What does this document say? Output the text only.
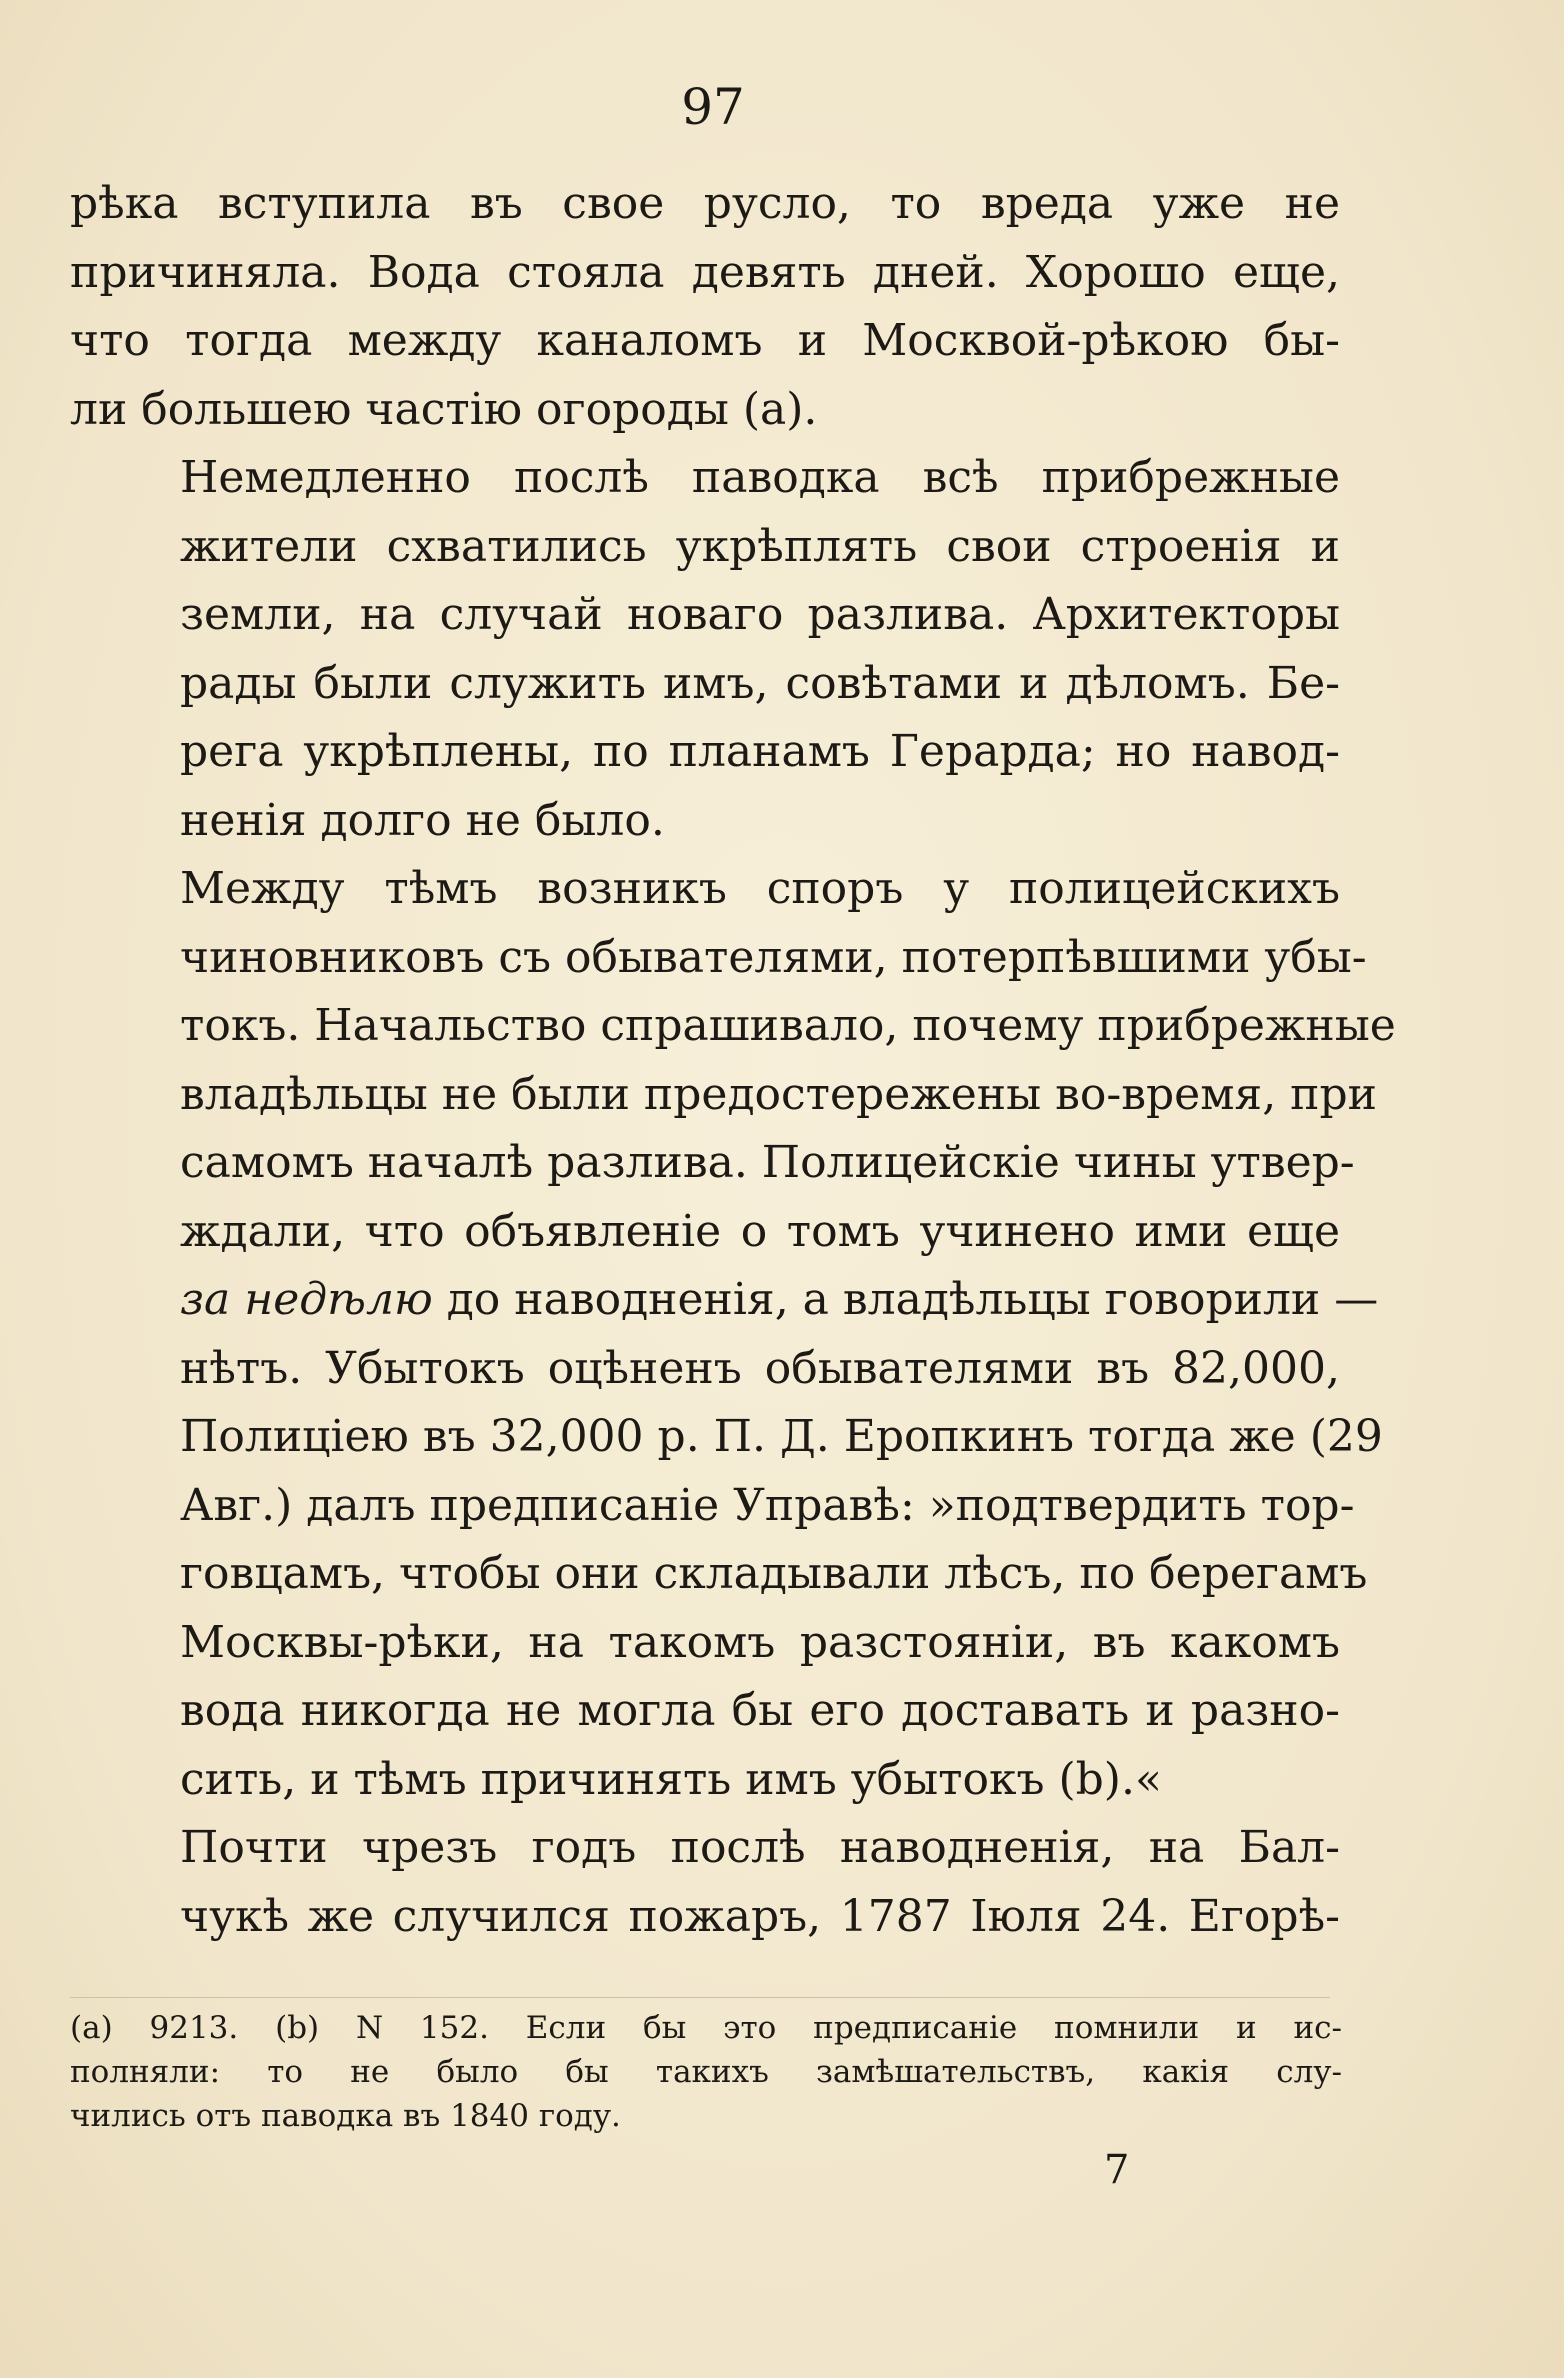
97

рѣка вступила въ свое русло, то вреда уже не
причиняла. Вода стояла девять дней. Хорошо еще,
что тогда между каналомъ и Москвой-рѣкою бы-
ли большею частію огороды (а).

Немедленно послѣ паводка всѣ прибрежные
жители схватились укрѣплять свои строенія и
земли, на случай новаго разлива. Архитекторы
рады были служить имъ, совѣтами и дѣломъ. Бе-
рега укрѣплены, по планамъ Герарда; но навод-
ненія долго не было.

Между тѣмъ возникъ споръ у полицейскихъ
чиновниковъ съ обывателями, потерпѣвшими убы-
токъ. Начальство спрашивало, почему прибрежные
владѣльцы не были предостережены во-время, при
самомъ началѣ разлива. Полицейскіе чины утвер-
ждали, что объявленіе о томъ учинено ими еще
за недѣлю до наводненія, а владѣльцы говорили —
нѣтъ. Убытокъ оцѣненъ обывателями въ 82,000,
Полиціею въ 32,000 р. П. Д. Еропкинъ тогда же (29
Авг.) далъ предписаніе Управѣ: »подтвердить тор-
говцамъ, чтобы они складывали лѣсъ, по берегамъ
Москвы-рѣки, на такомъ разстояніи, въ какомъ
вода никогда не могла бы его доставать и разно-
сить, и тѣмъ причинять имъ убытокъ (b).«

Почти чрезъ годъ послѣ наводненія, на Бал-
чукѣ же случился пожаръ, 1787 Іюля 24. Егорѣ-

(а) 9213. (b) N 152. Если бы это предписаніе помнили и ис-
полняли: то не было бы такихъ замѣшательствъ, какія слу-
чились отъ паводка въ 1840 году.
7
